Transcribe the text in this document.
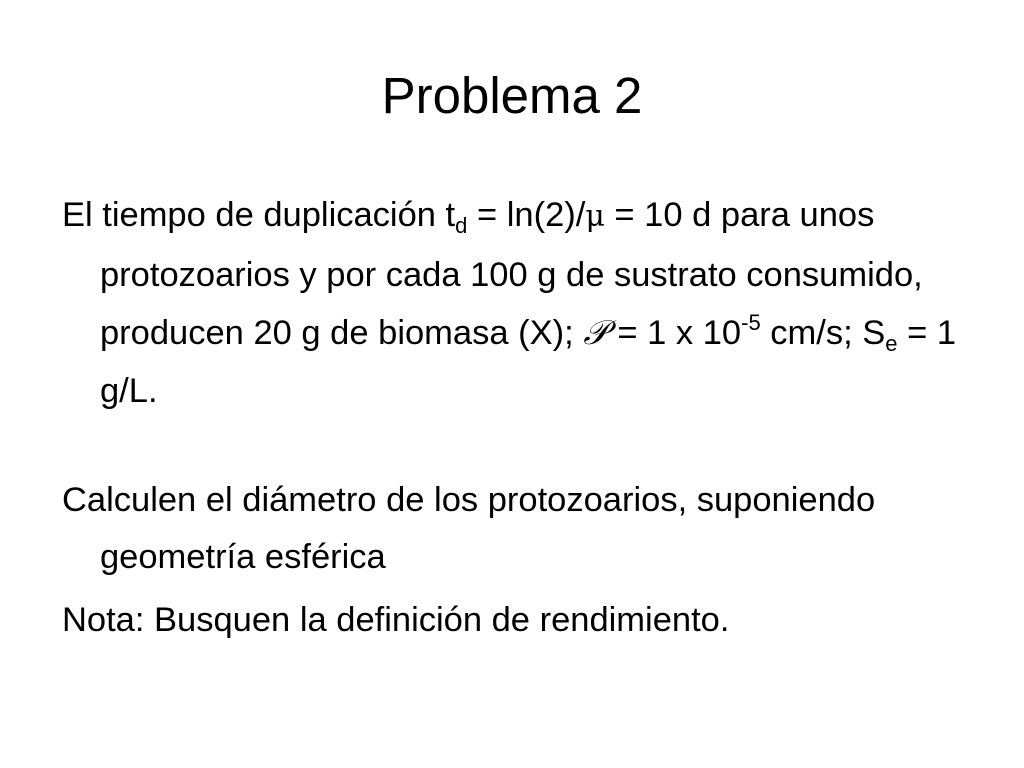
Problema 2

El tiempo de duplicación $t_d = \ln(2)/\mu = 10$ d para unos protozoarios y por cada 100 g de sustrato consumido, producen 20 g de biomasa (X); 𝒫 = 1 x $10^{-5}$ cm/s; $S_e = 1$ g/L.

Calculen el diámetro de los protozoarios, suponiendo geometría esférica

Nota: Busquen la definición de rendimiento.
